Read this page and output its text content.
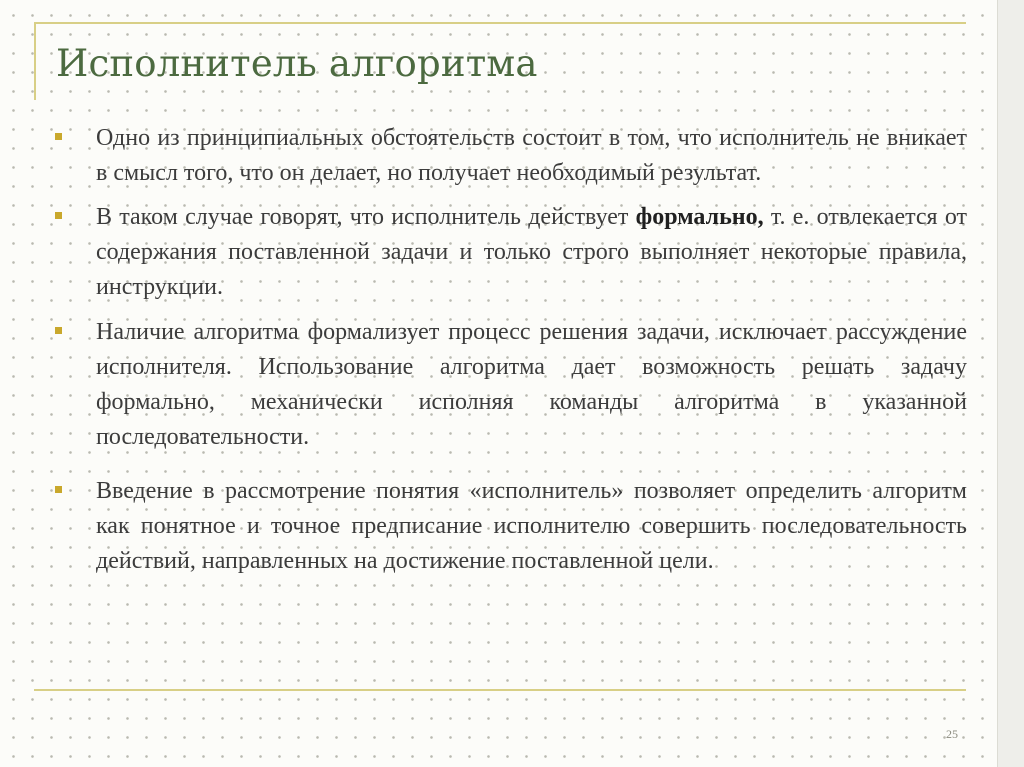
Исполнитель алгоритма
Одно из принципиальных обстоятельств состоит в том, что исполнитель не вникает в смысл того, что он делает, но получает необходимый результат.
В таком случае говорят, что исполнитель действует формально, т. е. отвлекается от содержания поставленной задачи и только строго выполняет некоторые правила, инструкции.
Наличие алгоритма формализует процесс решения задачи, исключает рассуждение исполнителя. Использование алгоритма дает возможность решать задачу формально, механически исполняя команды алгоритма в указанной последовательности.
Введение в рассмотрение понятия «исполнитель» позволяет определить алгоритм как понятное и точное предписание исполнителю совершить последовательность действий, направленных на достижение поставленной цели.
25
